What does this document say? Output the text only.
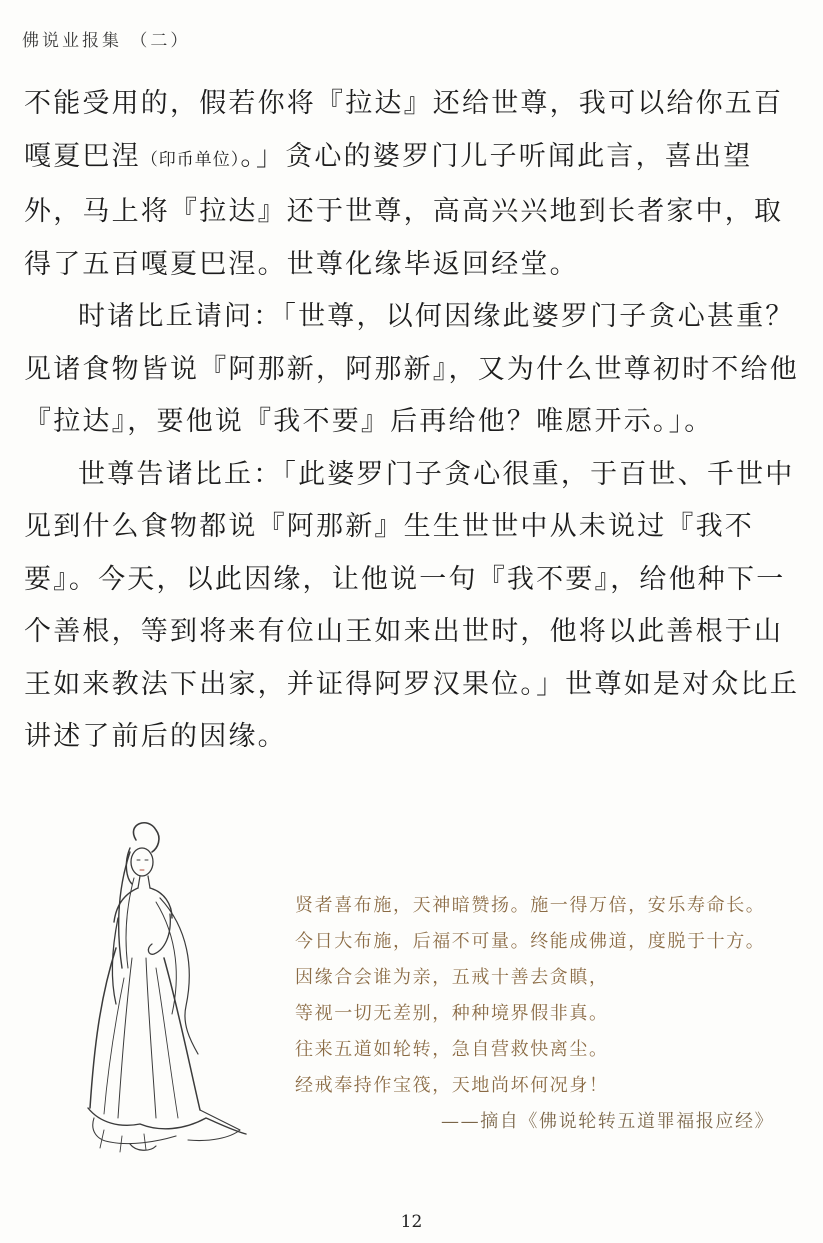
佛说业报集 （二）

不能受用的，假若你将『拉达』还给世尊，我可以给你五百嘎夏巴涅（印币单位）。」贪心的婆罗门儿子听闻此言，喜出望外，马上将『拉达』还于世尊，高高兴兴地到长者家中，取得了五百嘎夏巴涅。世尊化缘毕返回经堂。

时诸比丘请问：「世尊，以何因缘此婆罗门子贪心甚重？见诸食物皆说『阿那新，阿那新』，又为什么世尊初时不给他『拉达』，要他说『我不要』后再给他？唯愿开示。」。

世尊告诸比丘：「此婆罗门子贪心很重，于百世、千世中见到什么食物都说『阿那新』生生世世中从未说过『我不要』。今天，以此因缘，让他说一句『我不要』，给他种下一个善根，等到将来有位山王如来出世时，他将以此善根于山王如来教法下出家，并证得阿罗汉果位。」世尊如是对众比丘讲述了前后的因缘。

贤者喜布施，天神暗赞扬。施一得万倍，安乐寿命长。
今日大布施，后福不可量。终能成佛道，度脱于十方。
因缘合会谁为亲，五戒十善去贪瞋，
等视一切无差别，种种境界假非真。
往来五道如轮转，急自营救快离尘。
经戒奉持作宝筏，天地尚坏何况身！
——摘自《佛说轮转五道罪福报应经》
12
